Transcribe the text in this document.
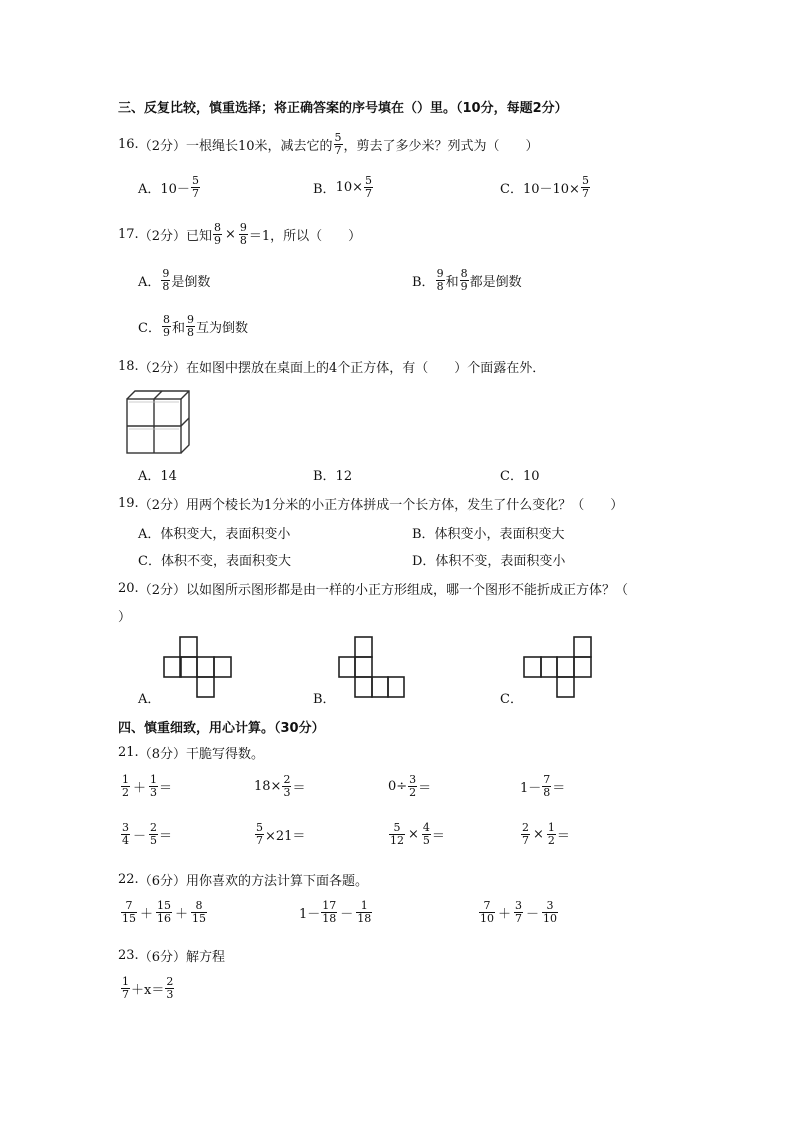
三、反复比较，慎重选择；将正确答案的序号填在（）里。（10分，每题2分）
16. （2分） 一根绳长10米，减去它的 $\frac{5}{7}$ ，剪去了多少米？列式为（　　）
A． $10- \frac{5}{7}$	B． $10\times \frac{5}{7}$	C． $10-10\times \frac{5}{7}$
17. （2分） 已知 $\frac{8}{9} \times \frac{9}{8} =1$，所以（　　）
A． $\frac{9}{8}$ 是倒数	B． $\frac{9}{8}$ 和 $\frac{8}{9}$ 都是倒数
C． $\frac{8}{9}$ 和 $\frac{9}{8}$ 互为倒数
18. （2分） 在如图中摆放在桌面上的4个正方体，有（　　）个面露在外．
A．14	B．12	C．10
19. （2分） 用两个棱长为1分米的小正方体拼成一个长方体，发生了什么变化？（　　）
A．体积变大，表面积变小	B．体积变小，表面积变大
C．体积不变，表面积变大	D．体积不变，表面积变小
20. （2分） 以如图所示图形都是由一样的小正方形组成，哪一个图形不能折成正方体？（
）
A．	B．	C．
四、慎重细致，用心计算。（30分）
21. （8分） 干脆写得数。
$\frac{1}{2} + \frac{1}{3}$ ＝	$18\times \frac{2}{3}$ ＝	$0\div \frac{3}{2}$ ＝	$1- \frac{7}{8}$ ＝
$\frac{3}{4} - \frac{2}{5}$ ＝	$\frac{5}{7} \times 21=$	$\frac{5}{12} \times \frac{4}{5}$ ＝	$\frac{2}{7} \times \frac{1}{2}$ ＝
22. （6分） 用你喜欢的方法计算下面各题。
$\frac{7}{15} + \frac{15}{16} + \frac{8}{15}$	$1- \frac{17}{18} - \frac{1}{18}$	$\frac{7}{10} + \frac{3}{7} - \frac{3}{10}$
23. （6分） 解方程
$\frac{1}{7} +x= \frac{2}{3}$
